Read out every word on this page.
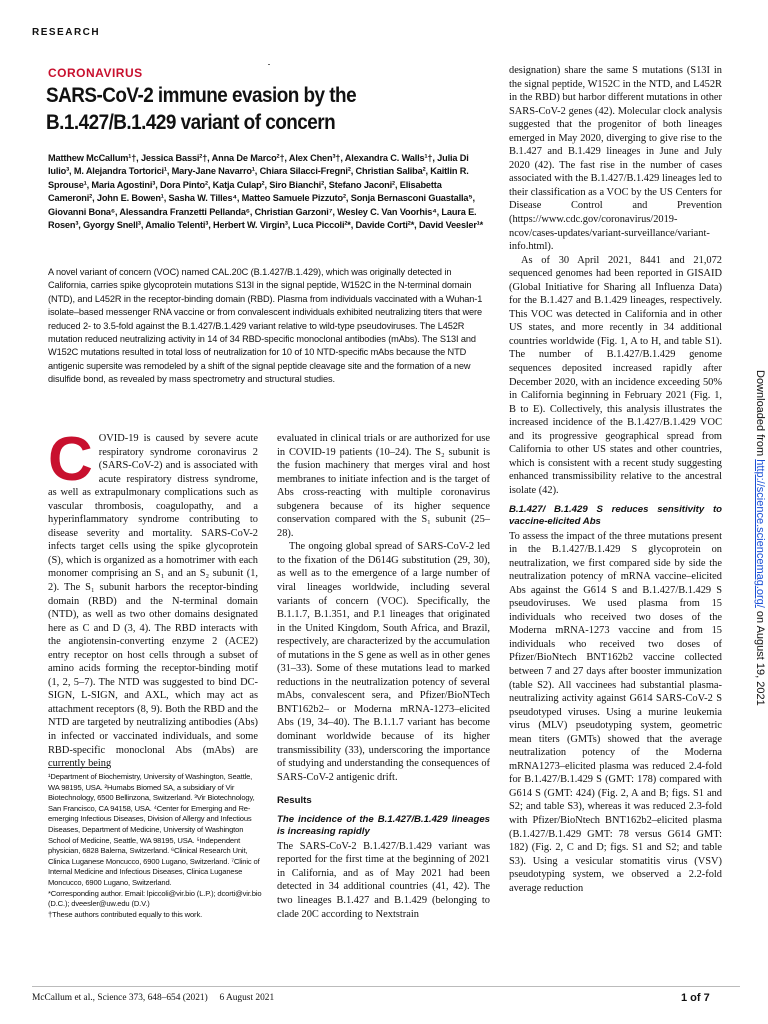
RESEARCH
CORONAVIRUS
SARS-CoV-2 immune evasion by the B.1.427/B.1.429 variant of concern
Matthew McCallum¹†, Jessica Bassi²†, Anna De Marco²†, Alex Chen³†, Alexandra C. Walls¹†, Julia Di Iulio³, M. Alejandra Tortorici¹, Mary-Jane Navarro¹, Chiara Silacci-Fregni², Christian Saliba², Kaitlin R. Sprouse¹, Maria Agostini³, Dora Pinto², Katja Culap², Siro Bianchi², Stefano Jaconi², Elisabetta Cameroni², John E. Bowen¹, Sasha W. Tilles⁴, Matteo Samuele Pizzuto², Sonja Bernasconi Guastalla⁵, Giovanni Bona⁶, Alessandra Franzetti Pellanda⁶, Christian Garzoni⁷, Wesley C. Van Voorhis⁴, Laura E. Rosen³, Gyorgy Snell³, Amalio Telenti³, Herbert W. Virgin³, Luca Piccoli²*, Davide Corti²*, David Veesler¹*
A novel variant of concern (VOC) named CAL.20C (B.1.427/B.1.429), which was originally detected in California, carries spike glycoprotein mutations S13I in the signal peptide, W152C in the N-terminal domain (NTD), and L452R in the receptor-binding domain (RBD). Plasma from individuals vaccinated with a Wuhan-1 isolate–based messenger RNA vaccine or from convalescent individuals exhibited neutralizing titers that were reduced 2- to 3.5-fold against the B.1.427/B.1.429 variant relative to wild-type pseudoviruses. The L452R mutation reduced neutralizing activity in 14 of 34 RBD-specific monoclonal antibodies (mAbs). The S13I and W152C mutations resulted in total loss of neutralization for 10 of 10 NTD-specific mAbs because the NTD antigenic supersite was remodeled by a shift of the signal peptide cleavage site and the formation of a new disulfide bond, as revealed by mass spectrometry and structural studies.
C OVID-19 is caused by severe acute respiratory syndrome coronavirus 2 (SARS-CoV-2) and is associated with acute respiratory distress syndrome, as well as extrapulmonary complications such as vascular thrombosis, coagulopathy, and a hyperinflammatory syndrome contributing to disease severity and mortality. SARS-CoV-2 infects target cells using the spike glycoprotein (S), which is organized as a homotrimer with each monomer comprising an S₁ and an S₂ subunit (1, 2). The S₁ subunit harbors the receptor-binding domain (RBD) and the N-terminal domain (NTD), as well as two other domains designated here as C and D (3, 4). The RBD interacts with the angiotensin-converting enzyme 2 (ACE2) entry receptor on host cells through a subset of amino acids forming the receptor-binding motif (1, 2, 5–7). The NTD was suggested to bind DC-SIGN, L-SIGN, and AXL, which may act as attachment receptors (8, 9). Both the RBD and the NTD are targeted by neutralizing antibodies (Abs) in infected or vaccinated individuals, and some RBD-specific monoclonal Abs (mAbs) are currently being

¹Department of Biochemistry, University of Washington, Seattle, WA 98195, USA. ²Humabs Biomed SA, a subsidiary of Vir Biotechnology, 6500 Bellinzona, Switzerland. ³Vir Biotechnology, San Francisco, CA 94158, USA. ⁴Center for Emerging and Re-emerging Infectious Diseases, Division of Allergy and Infectious Diseases, Department of Medicine, University of Washington School of Medicine, Seattle, WA 98195, USA. ⁵Independent physician, 6828 Balerna, Switzerland. ⁶Clinical Research Unit, Clinica Luganese Moncucco, 6900 Lugano, Switzerland. ⁷Clinic of Internal Medicine and Infectious Diseases, Clinica Luganese Moncucco, 6900 Lugano, Switzerland.

*Corresponding author. Email: lpiccoli@vir.bio (L.P.); dcorti@vir.bio (D.C.); dveesler@uw.edu (D.V.)

†These authors contributed equally to this work.

evaluated in clinical trials or are authorized for use in COVID-19 patients (10–24). The S₂ subunit is the fusion machinery that merges viral and host membranes to initiate infection and is the target of Abs cross-reacting with multiple coronavirus subgenera because of its higher sequence conservation compared with the S₁ subunit (25–28).

The ongoing global spread of SARS-CoV-2 led to the fixation of the D614G substitution (29, 30), as well as to the emergence of a large number of viral lineages worldwide, including several variants of concern (VOC). Specifically, the B.1.1.7, B.1.351, and P.1 lineages that originated in the United Kingdom, South Africa, and Brazil, respectively, are characterized by the accumulation of mutations in the S gene as well as in other genes (31–33). Some of these mutations lead to marked reductions in the neutralization potency of several mAbs, convalescent sera, and Pfizer/BioNTech BNT162b2– or Moderna mRNA-1273–elicited Abs (19, 34–40). The B.1.1.7 variant has become dominant worldwide because of its higher transmissibility (33), underscoring the importance of studying and understanding the consequences of SARS-CoV-2 antigenic drift.

Results
The incidence of the B.1.427/B.1.429 lineages is increasing rapidly

The SARS-CoV-2 B.1.427/B.1.429 variant was reported for the first time at the beginning of 2021 in California, and as of May 2021 had been detected in 34 additional countries (41, 42). The two lineages B.1.427 and B.1.429 (belonging to clade 20C according to Nextstrain

designation) share the same S mutations (S13I in the signal peptide, W152C in the NTD, and L452R in the RBD) but harbor different mutations in other SARS-CoV-2 genes (42). Molecular clock analysis suggested that the progenitor of both lineages emerged in May 2020, diverging to give rise to the B.1.427 and B.1.429 lineages in June and July 2020 (42). The fast rise in the number of cases associated with the B.1.427/B.1.429 lineages led to their classification as a VOC by the US Centers for Disease Control and Prevention (https://www.cdc.gov/coronavirus/2019-ncov/cases-updates/variant-surveillance/variant-info.html).

As of 30 April 2021, 8441 and 21,072 sequenced genomes had been reported in GISAID (Global Initiative for Sharing all Influenza Data) for the B.1.427 and B.1.429 lineages, respectively. This VOC was detected in California and in other US states, and more recently in 34 additional countries worldwide (Fig. 1, A to H, and table S1). The number of B.1.427/B.1.429 genome sequences deposited increased rapidly after December 2020, with an incidence exceeding 50% in California beginning in February 2021 (Fig. 1, B to E). Collectively, this analysis illustrates the increased incidence of the B.1.427/B.1.429 VOC and its progressive geographical spread from California to other US states and other countries, which is consistent with a recent study suggesting enhanced transmissibility relative to the ancestral isolate (42).

B.1.427/ B.1.429 S reduces sensitivity to vaccine-elicited Abs

To assess the impact of the three mutations present in the B.1.427/B.1.429 S glycoprotein on neutralization, we first compared side by side the neutralization potency of mRNA vaccine–elicited Abs against the G614 S and B.1.427/B.1.429 S pseudoviruses. We used plasma from 15 individuals who received two doses of the Moderna mRNA-1273 vaccine and from 15 individuals who received two doses of Pfizer/BioNtech BNT162b2 vaccine collected between 7 and 27 days after booster immunization (table S2). All vaccinees had substantial plasma-neutralizing activity against G614 SARS-CoV-2 S pseudotyped viruses. Using a murine leukemia virus (MLV) pseudotyping system, geometric mean titers (GMTs) showed that the average neutralization potency of the Moderna mRNA1273–elicited plasma was reduced 2.4-fold for B.1.427/B.1.429 S (GMT: 178) compared with G614 S (GMT: 424) (Fig. 2, A and B; figs. S1 and S2; and table S3), whereas it was reduced 2.3-fold with Pfizer/BioNtech BNT162b2–elicited plasma (B.1.427/B.1.429 GMT: 78 versus G614 GMT: 182) (Fig. 2, C and D; figs. S1 and S2; and table S3). Using a vesicular stomatitis virus (VSV) pseudotyping system, we observed a 2.2-fold average reduction

McCallum et al., Science 373, 648–654 (2021)     6 August 2021	1 of 7
Downloaded from http://science.sciencemag.org/ on August 19, 2021
